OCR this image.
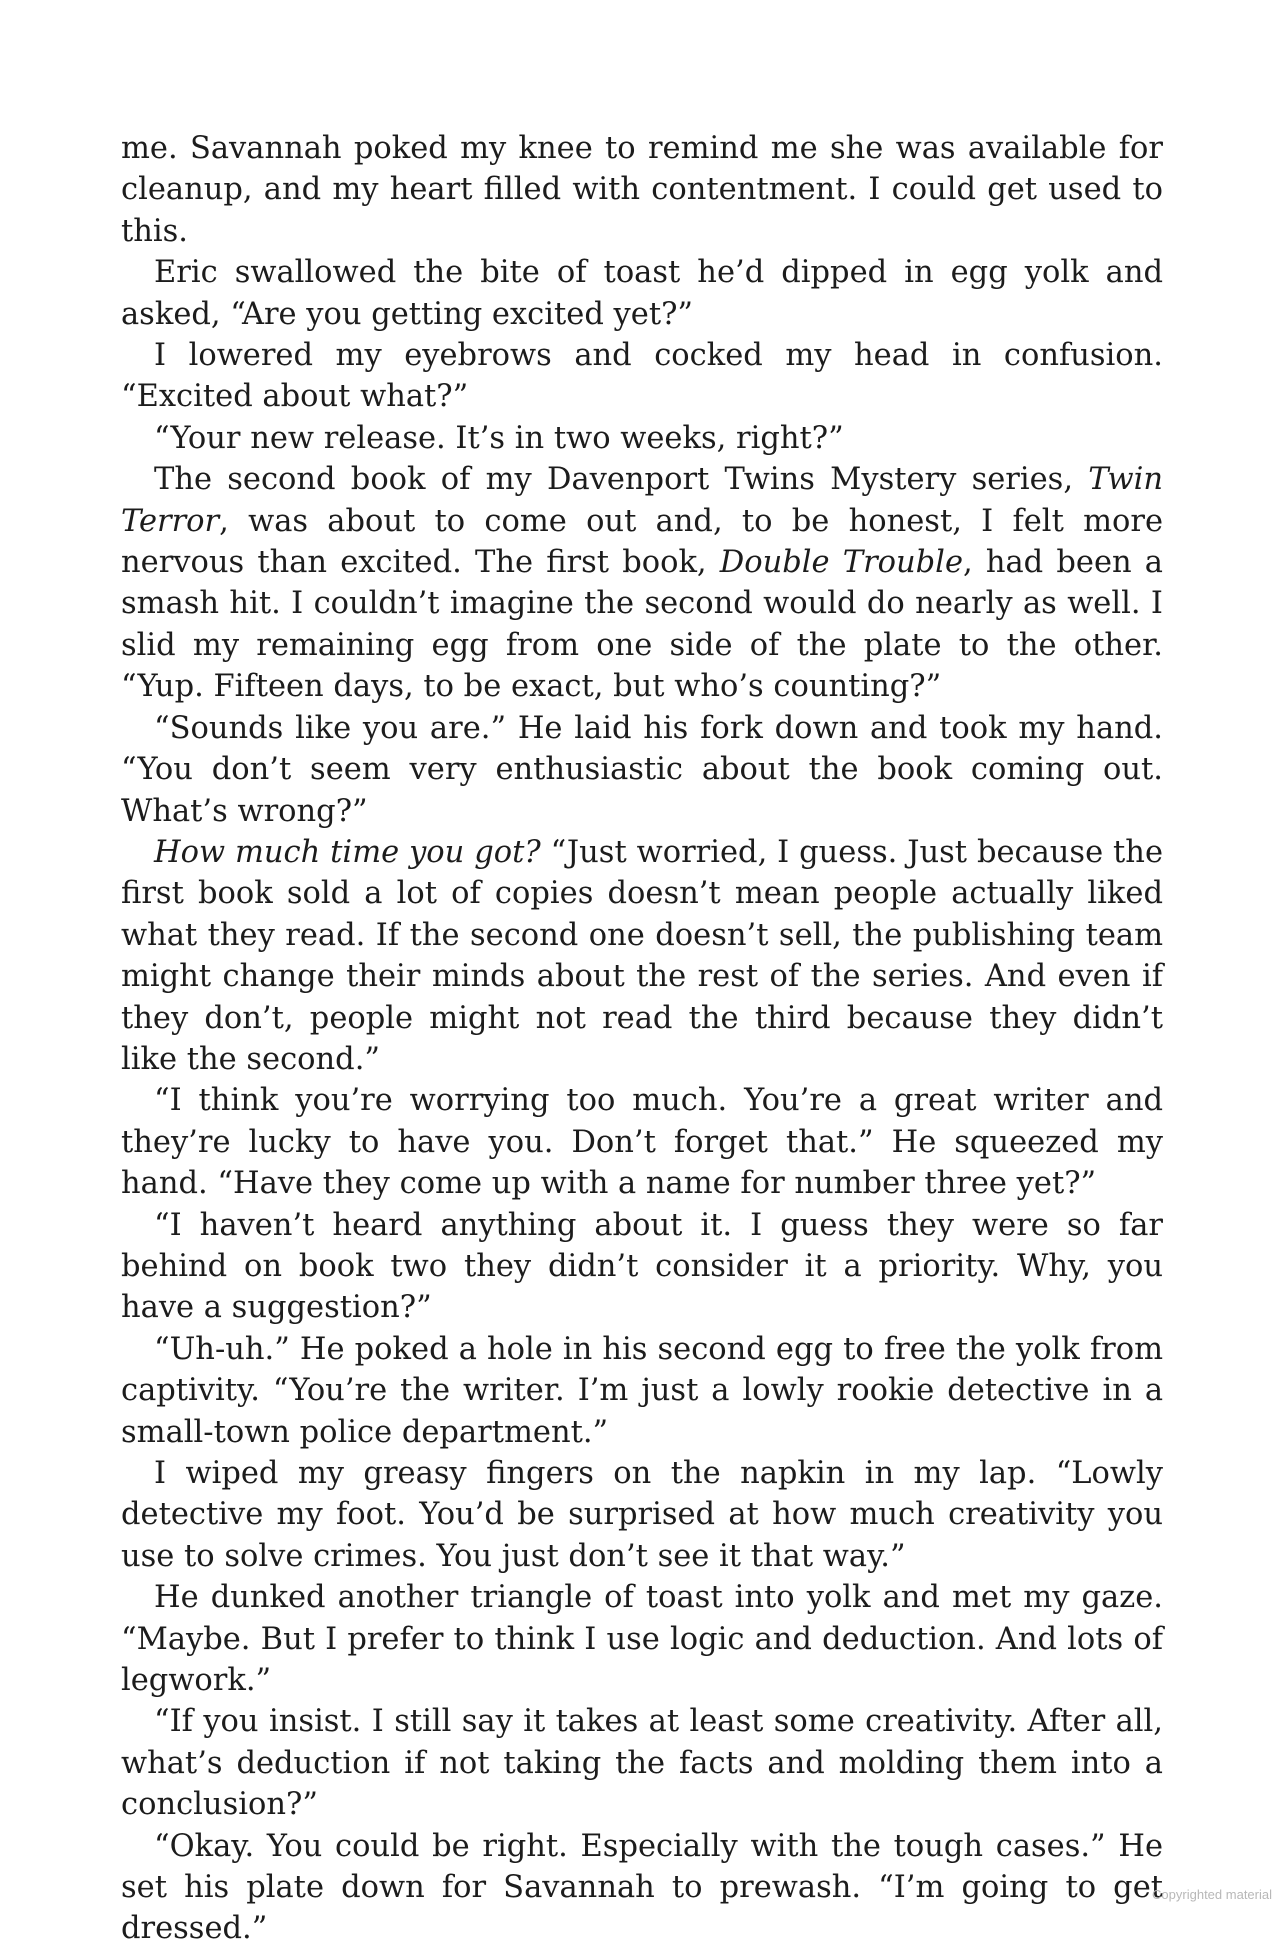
me. Savannah poked my knee to remind me she was available for cleanup, and my heart filled with contentment. I could get used to this.

Eric swallowed the bite of toast he’d dipped in egg yolk and asked, “Are you getting excited yet?”

I lowered my eyebrows and cocked my head in confusion. “Excited about what?”

“Your new release. It’s in two weeks, right?”

The second book of my Davenport Twins Mystery series, Twin Terror, was about to come out and, to be honest, I felt more nervous than excited. The first book, Double Trouble, had been a smash hit. I couldn’t imagine the second would do nearly as well. I slid my remaining egg from one side of the plate to the other. “Yup. Fifteen days, to be exact, but who’s counting?”

“Sounds like you are.” He laid his fork down and took my hand. “You don’t seem very enthusiastic about the book coming out. What’s wrong?”

How much time you got? “Just worried, I guess. Just because the first book sold a lot of copies doesn’t mean people actually liked what they read. If the second one doesn’t sell, the publishing team might change their minds about the rest of the series. And even if they don’t, people might not read the third because they didn’t like the second.”

“I think you’re worrying too much. You’re a great writer and they’re lucky to have you. Don’t forget that.” He squeezed my hand. “Have they come up with a name for number three yet?”

“I haven’t heard anything about it. I guess they were so far behind on book two they didn’t consider it a priority. Why, you have a suggestion?”

“Uh-uh.” He poked a hole in his second egg to free the yolk from captivity. “You’re the writer. I’m just a lowly rookie detective in a small-town police department.”

I wiped my greasy fingers on the napkin in my lap. “Lowly detective my foot. You’d be surprised at how much creativity you use to solve crimes. You just don’t see it that way.”

He dunked another triangle of toast into yolk and met my gaze. “Maybe. But I prefer to think I use logic and deduction. And lots of legwork.”

“If you insist. I still say it takes at least some creativity. After all, what’s deduction if not taking the facts and molding them into a conclusion?”

“Okay. You could be right. Especially with the tough cases.” He set his plate down for Savannah to prewash. “I’m going to get dressed.”

Copyrighted material
